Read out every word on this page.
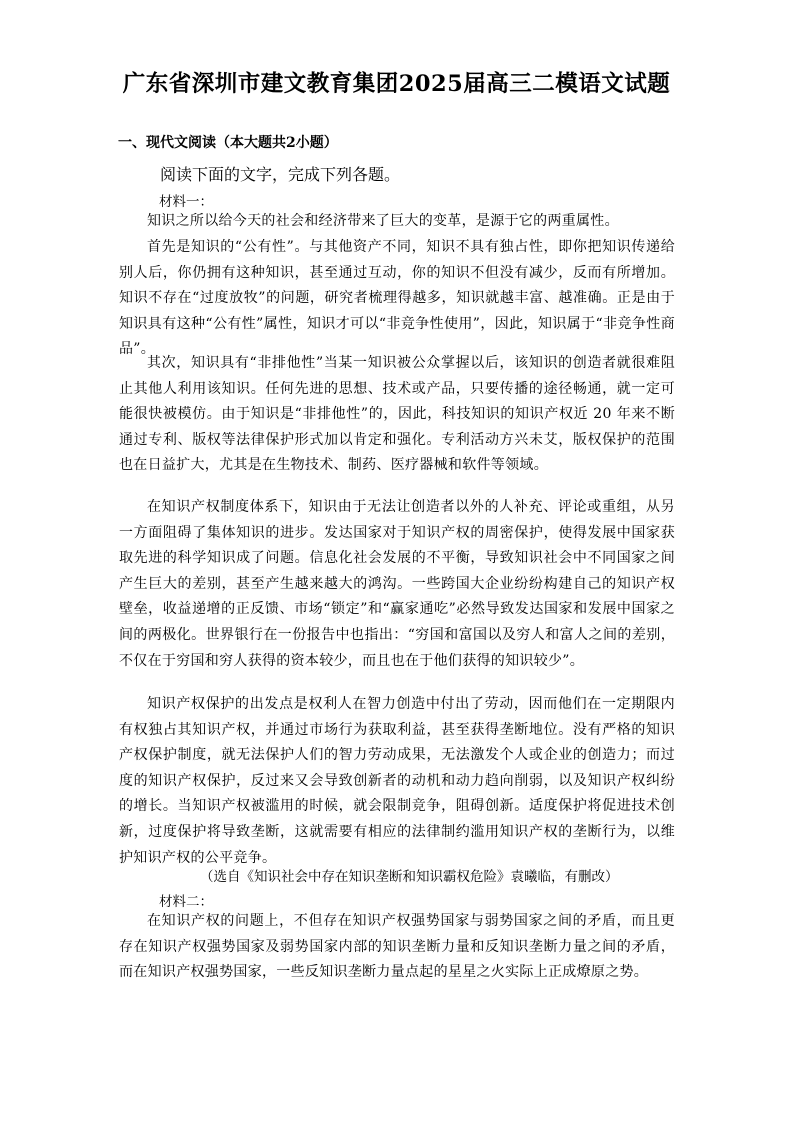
广东省深圳市建文教育集团2025届高三二模语文试题
一、现代文阅读（本大题共2小题）
阅读下面的文字，完成下列各题。
材料一：

知识之所以给今天的社会和经济带来了巨大的变革，是源于它的两重属性。

首先是知识的“公有性”。与其他资产不同，知识不具有独占性，即你把知识传递给别人后，你仍拥有这种知识，甚至通过互动，你的知识不但没有减少，反而有所增加。知识不存在“过度放牧”的问题，研究者梳理得越多，知识就越丰富、越准确。正是由于知识具有这种“公有性”属性，知识才可以“非竞争性使用”，因此，知识属于“非竞争性商品”。

其次，知识具有“非排他性”当某一知识被公众掌握以后，该知识的创造者就很难阻止其他人利用该知识。任何先进的思想、技术或产品，只要传播的途径畅通，就一定可能很快被模仿。由于知识是“非排他性”的，因此，科技知识的知识产权近 20 年来不断通过专利、版权等法律保护形式加以肯定和强化。专利活动方兴未艾，版权保护的范围也在日益扩大，尤其是在生物技术、制药、医疗器械和软件等领域。

在知识产权制度体系下，知识由于无法让创造者以外的人补充、评论或重组，从另一方面阻碍了集体知识的进步。发达国家对于知识产权的周密保护，使得发展中国家获取先进的科学知识成了问题。信息化社会发展的不平衡，导致知识社会中不同国家之间产生巨大的差别，甚至产生越来越大的鸿沟。一些跨国大企业纷纷构建自己的知识产权壁垒，收益递增的正反馈、市场“锁定”和“赢家通吃”必然导致发达国家和发展中国家之间的两极化。世界银行在一份报告中也指出：“穷国和富国以及穷人和富人之间的差别，不仅在于穷国和穷人获得的资本较少，而且也在于他们获得的知识较少”。

知识产权保护的出发点是权利人在智力创造中付出了劳动，因而他们在一定期限内有权独占其知识产权，并通过市场行为获取利益，甚至获得垄断地位。没有严格的知识产权保护制度，就无法保护人们的智力劳动成果，无法激发个人或企业的创造力；而过度的知识产权保护，反过来又会导致创新者的动机和动力趋向削弱，以及知识产权纠纷的增长。当知识产权被滥用的时候，就会限制竞争，阻碍创新。适度保护将促进技术创新，过度保护将导致垄断，这就需要有相应的法律制约滥用知识产权的垄断行为，以维护知识产权的公平竞争。

（选自《知识社会中存在知识垄断和知识霸权危险》袁曦临，有删改）
材料二：

在知识产权的问题上，不但存在知识产权强势国家与弱势国家之间的矛盾，而且更存在知识产权强势国家及弱势国家内部的知识垄断力量和反知识垄断力量之间的矛盾，而在知识产权强势国家，一些反知识垄断力量点起的星星之火实际上正成燎原之势。
